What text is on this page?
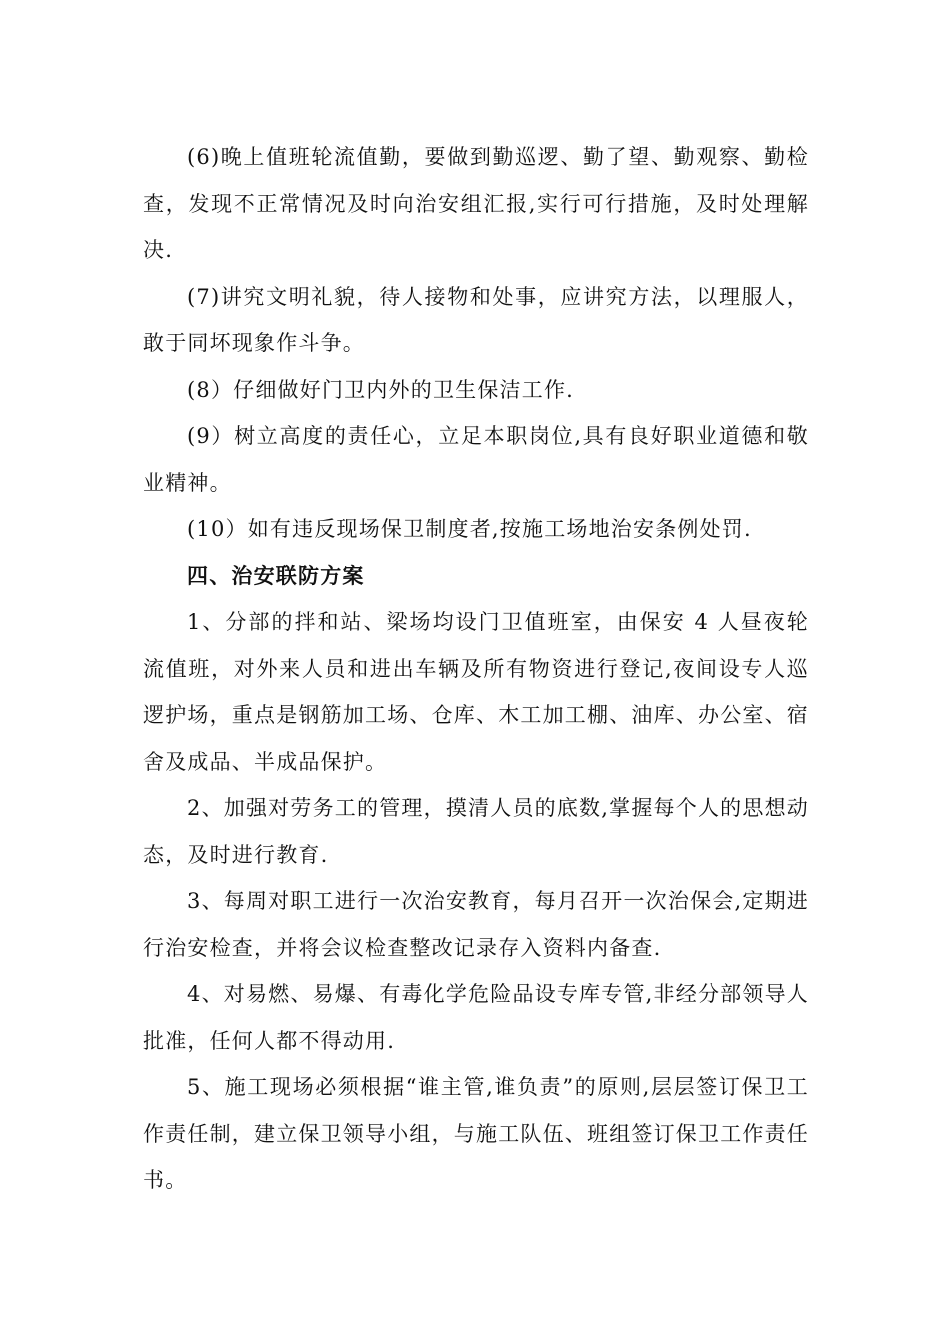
(6)晚上值班轮流值勤，要做到勤巡逻、勤了望、勤观察、勤检查，发现不正常情况及时向治安组汇报,实行可行措施，及时处理解决.

(7)讲究文明礼貌，待人接物和处事，应讲究方法，以理服人，敢于同坏现象作斗争。

(8）仔细做好门卫内外的卫生保洁工作.

(9）树立高度的责任心，立足本职岗位,具有良好职业道德和敬业精神。

(10）如有违反现场保卫制度者,按施工场地治安条例处罚.

四、治安联防方案

1、分部的拌和站、梁场均设门卫值班室，由保安 4 人昼夜轮流值班，对外来人员和进出车辆及所有物资进行登记,夜间设专人巡逻护场，重点是钢筋加工场、仓库、木工加工棚、油库、办公室、宿舍及成品、半成品保护。

2、加强对劳务工的管理，摸清人员的底数,掌握每个人的思想动态，及时进行教育.

3、每周对职工进行一次治安教育，每月召开一次治保会,定期进行治安检查，并将会议检查整改记录存入资料内备查.

4、对易燃、易爆、有毒化学危险品设专库专管,非经分部领导人批准，任何人都不得动用.

5、施工现场必须根据“谁主管,谁负责”的原则,层层签订保卫工作责任制，建立保卫领导小组，与施工队伍、班组签订保卫工作责任书。
